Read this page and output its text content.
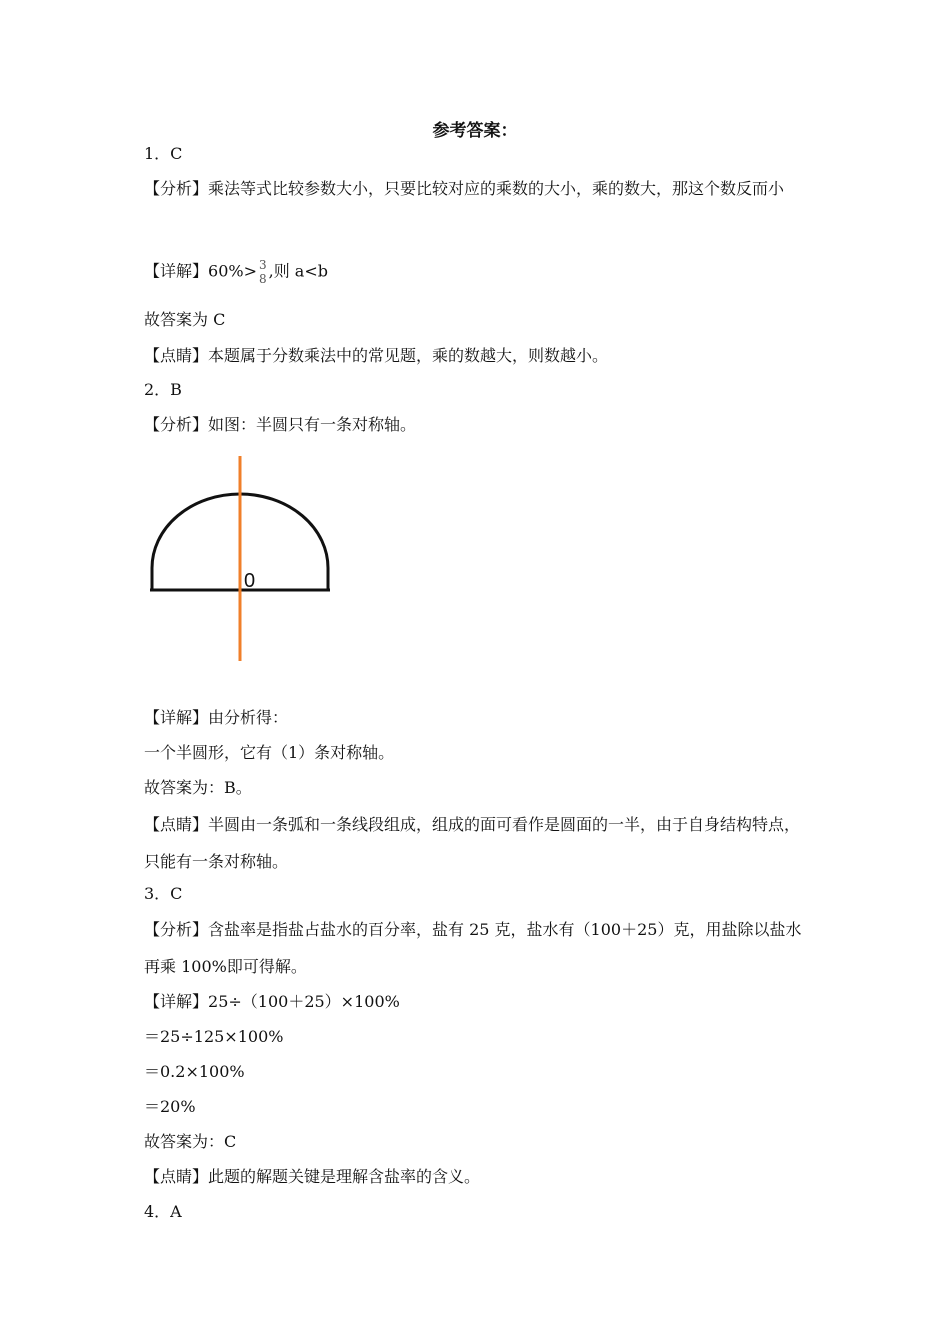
参考答案：
1．C
【分析】乘法等式比较参数大小，只要比较对应的乘数的大小，乘的数大，那这个数反而小
【详解】60%> 3
8 ,则 a<b
故答案为 C
【点睛】本题属于分数乘法中的常见题，乘的数越大，则数越小。
2．B
【分析】如图：半圆只有一条对称轴。
0
【详解】由分析得：
一个半圆形，它有（1）条对称轴。
故答案为：B。
【点睛】半圆由一条弧和一条线段组成，组成的面可看作是圆面的一半，由于自身结构特点，只能有一条对称轴。
3．C
【分析】含盐率是指盐占盐水的百分率，盐有 25 克，盐水有（100＋25）克，用盐除以盐水再乘 100%即可得解。
【详解】25÷（100＋25）×100%
＝25÷125×100%
＝0.2×100%
＝20%
故答案为：C
【点睛】此题的解题关键是理解含盐率的含义。
4．A
